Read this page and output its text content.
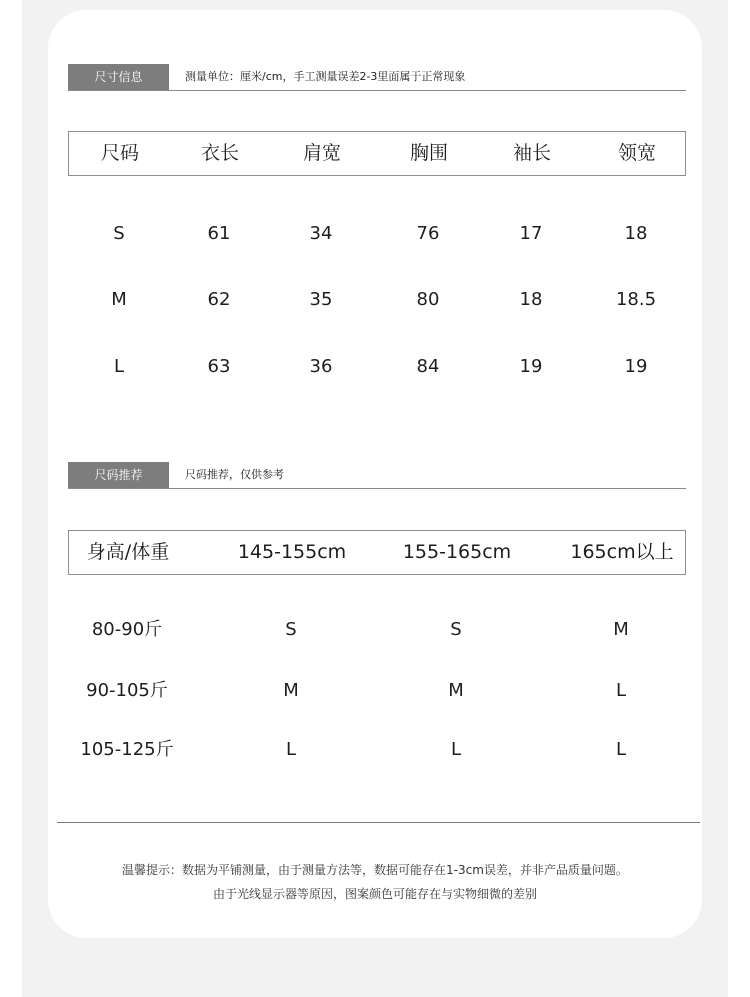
尺寸信息	测量单位：厘米/cm，手工测量误差2-3里面属于正常现象
尺码	衣长	肩宽	胸围	袖长	领宽
S	61	34	76	17	18
M	62	35	80	18	18.5
L	63	36	84	19	19
尺码推荐	尺码推荐，仅供参考
身高/体重	145-155cm	155-165cm	165cm以上
80-90斤	S	S	M
90-105斤	M	M	L
105-125斤	L	L	L
温馨提示：数据为平铺测量，由于测量方法等，数据可能存在1-3cm误差，并非产品质量问题。
由于光线显示器等原因，图案颜色可能存在与实物细微的差别
